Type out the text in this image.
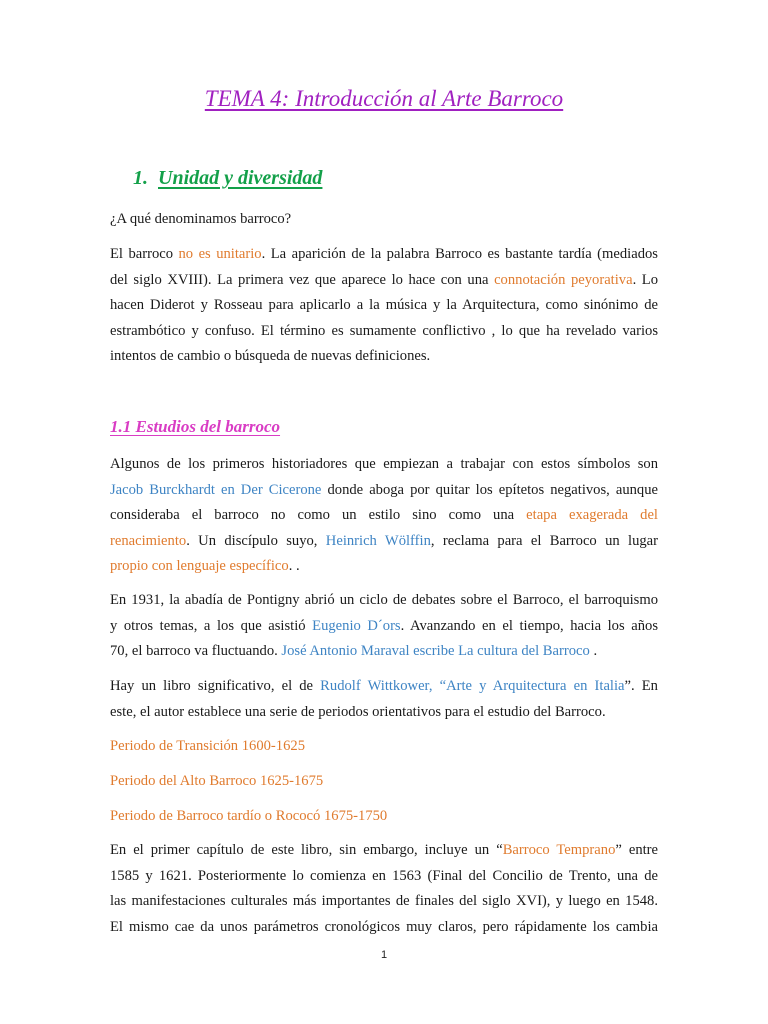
TEMA 4: Introducción al Arte Barroco
1. Unidad y diversidad

¿A qué denominamos barroco?

El barroco no es unitario. La aparición de la palabra Barroco es bastante tardía (mediados
del siglo XVIII). La primera vez que aparece lo hace con una connotación peyorativa. Lo
hacen Diderot y Rosseau para aplicarlo a la música y la Arquitectura, como sinónimo de
estrambótico y confuso. El término es sumamente conflictivo , lo que ha revelado varios
intentos de cambio o búsqueda de nuevas definiciones.

1.1 Estudios del barroco

Algunos de los primeros historiadores que empiezan a trabajar con estos símbolos son
Jacob Burckhardt en Der Cicerone donde aboga por quitar los epítetos negativos, aunque
consideraba el barroco no como un estilo sino como una etapa exagerada del
renacimiento. Un discípulo suyo, Heinrich Wölffin, reclama para el Barroco un lugar
propio con lenguaje específico. .

En 1931, la abadía de Pontigny abrió un ciclo de debates sobre el Barroco, el barroquismo
y otros temas, a los que asistió Eugenio D´ors. Avanzando en el tiempo, hacia los años
70, el barroco va fluctuando. José Antonio Maraval escribe La cultura del Barroco .

Hay un libro significativo, el de Rudolf Wittkower, “Arte y Arquitectura en Italia”. En
este, el autor establece una serie de periodos orientativos para el estudio del Barroco.

Periodo de Transición 1600-1625

Periodo del Alto Barroco 1625-1675

Periodo de Barroco tardío o Rococó 1675-1750

En el primer capítulo de este libro, sin embargo, incluye un “Barroco Temprano” entre
1585 y 1621. Posteriormente lo comienza en 1563 (Final del Concilio de Trento, una de
las manifestaciones culturales más importantes de finales del siglo XVI), y luego en 1548.
El mismo cae da unos parámetros cronológicos muy claros, pero rápidamente los cambia

1
